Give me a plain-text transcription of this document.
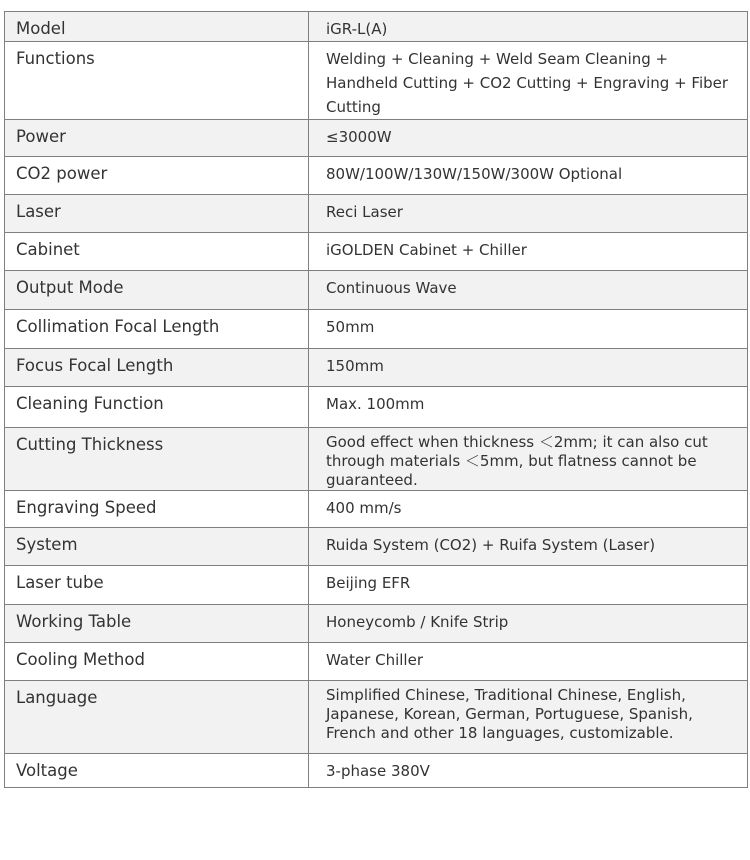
Model	iGR-L(A)
Functions	Welding + Cleaning + Weld Seam Cleaning + Handheld Cutting + CO2 Cutting + Engraving + Fiber Cutting
Power	≤3000W
CO2 power	80W/100W/130W/150W/300W Optional
Laser	Reci Laser
Cabinet	iGOLDEN Cabinet + Chiller
Output Mode	Continuous Wave
Collimation Focal Length	50mm
Focus Focal Length	150mm
Cleaning Function	Max. 100mm
Cutting Thickness	Good effect when thickness ＜2mm; it can also cut through materials ＜5mm, but flatness cannot be guaranteed.
Engraving Speed	400 mm/s
System	Ruida System (CO2) + Ruifa System (Laser)
Laser tube	Beijing EFR
Working Table	Honeycomb / Knife Strip
Cooling Method	Water Chiller
Language	Simplified Chinese, Traditional Chinese, English, Japanese, Korean, German, Portuguese, Spanish, French and other 18 languages, customizable.
Voltage	3-phase 380V
